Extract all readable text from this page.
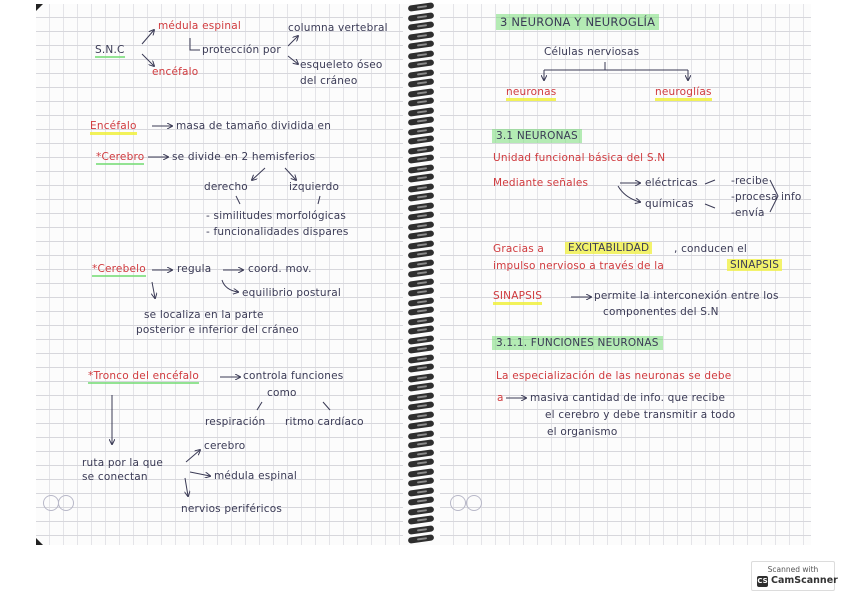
S.N.C
médula espinal	columna vertebral
protección por
encéfalo
esqueleto óseo
del cráneo
Encéfalo	masa de tamaño dividida en
*Cerebro	se divide en 2 hemisferios
derecho	izquierdo
- similitudes morfológicas
- funcionalidades dispares
*Cerebelo	regula	coord. mov.
equilibrio postural
se localiza en la parte
posterior e inferior del cráneo
*Tronco del encéfalo	controla funciones
como
respiración ritmo cardíaco
ruta por la que
se conectan
cerebro
médula espinal
nervios periféricos
3 NEURONA Y NEUROGLÍA
Células nerviosas
neuronas	neuroglías
3.1 NEURONAS
Unidad funcional básica del S.N
Mediante señales	eléctricas
químicas
-recibe
-procesa
-envía
info
Gracias a EXCITABILIDAD , conducen el
impulso nervioso a través de la	SINAPSIS
SINAPSIS	permite la interconexión entre los
componentes del S.N
3.1.1. FUNCIONES NEURONAS
La especialización de las neuronas se debe
a	masiva cantidad de info. que recibe
el cerebro y debe transmitir a todo
el organismo
Scanned with
CS CamScanner
